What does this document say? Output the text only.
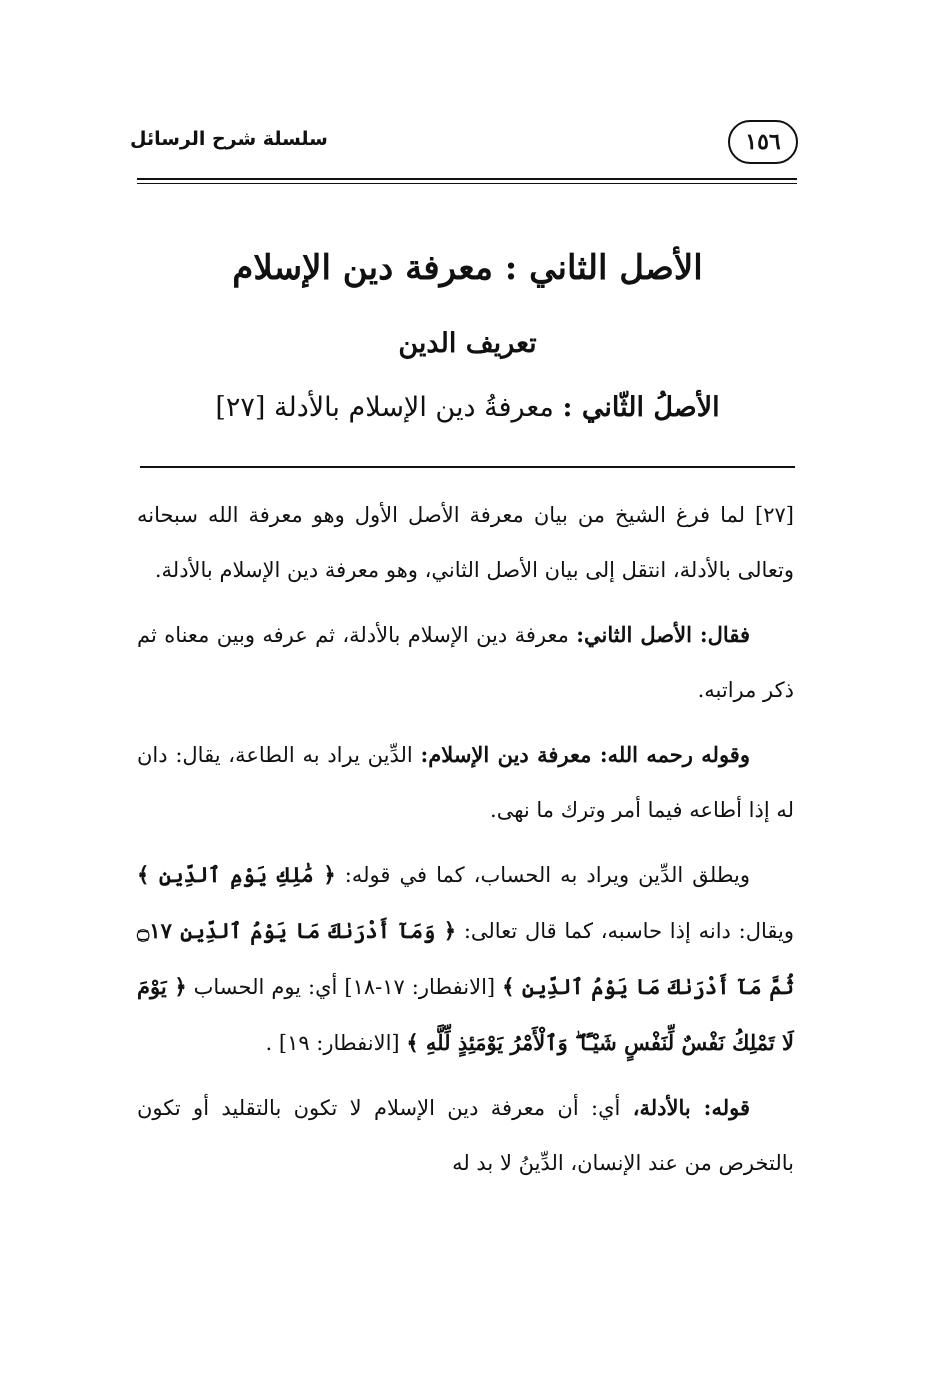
١٥٦
سلسلة شرح الرسائل
الأصل الثاني : معرفة دين الإسلام
تعريف الدين
الأصلُ الثّاني : معرفةُ دين الإسلام بالأدلة [٢٧]

[٢٧] لما فرغ الشيخ من بيان معرفة الأصل الأول وهو معرفة الله سبحانه وتعالى بالأدلة، انتقل إلى بيان الأصل الثاني، وهو معرفة دين الإسلام بالأدلة.

فقال: الأصل الثاني: معرفة دين الإسلام بالأدلة، ثم عرفه وبين معناه ثم ذكر مراتبه.

وقوله رحمه الله: معرفة دين الإسلام: الدِّين يراد به الطاعة، يقال: دان له إذا أطاعه فيما أمر وترك ما نهى.

ويطلق الدِّين ويراد به الحساب، كما في قوله: ﴿ مَٰلِكِ يَوْمِ ٱلدِّينِ ﴾ ويقال: دانه إذا حاسبه، كما قال تعالى: ﴿ وَمَآ أَدْرَىٰكَ مَا يَوْمُ ٱلدِّينِ ۝١٧ ثُمَّ مَآ أَدْرَىٰكَ مَا يَوْمُ ٱلدِّينِ ﴾ [الانفطار: ١٧-١٨] أي: يوم الحساب ﴿ يَوْمَ لَا تَمْلِكُ نَفْسٌ لِّنَفْسٍ شَيْـًٔا ۖ وَٱلْأَمْرُ يَوْمَئِذٍ لِّلَّهِ ﴾ [الانفطار: ١٩] .

قوله: بالأدلة، أي: أن معرفة دين الإسلام لا تكون بالتقليد أو تكون بالتخرص من عند الإنسان، الدِّينُ لا بد له
